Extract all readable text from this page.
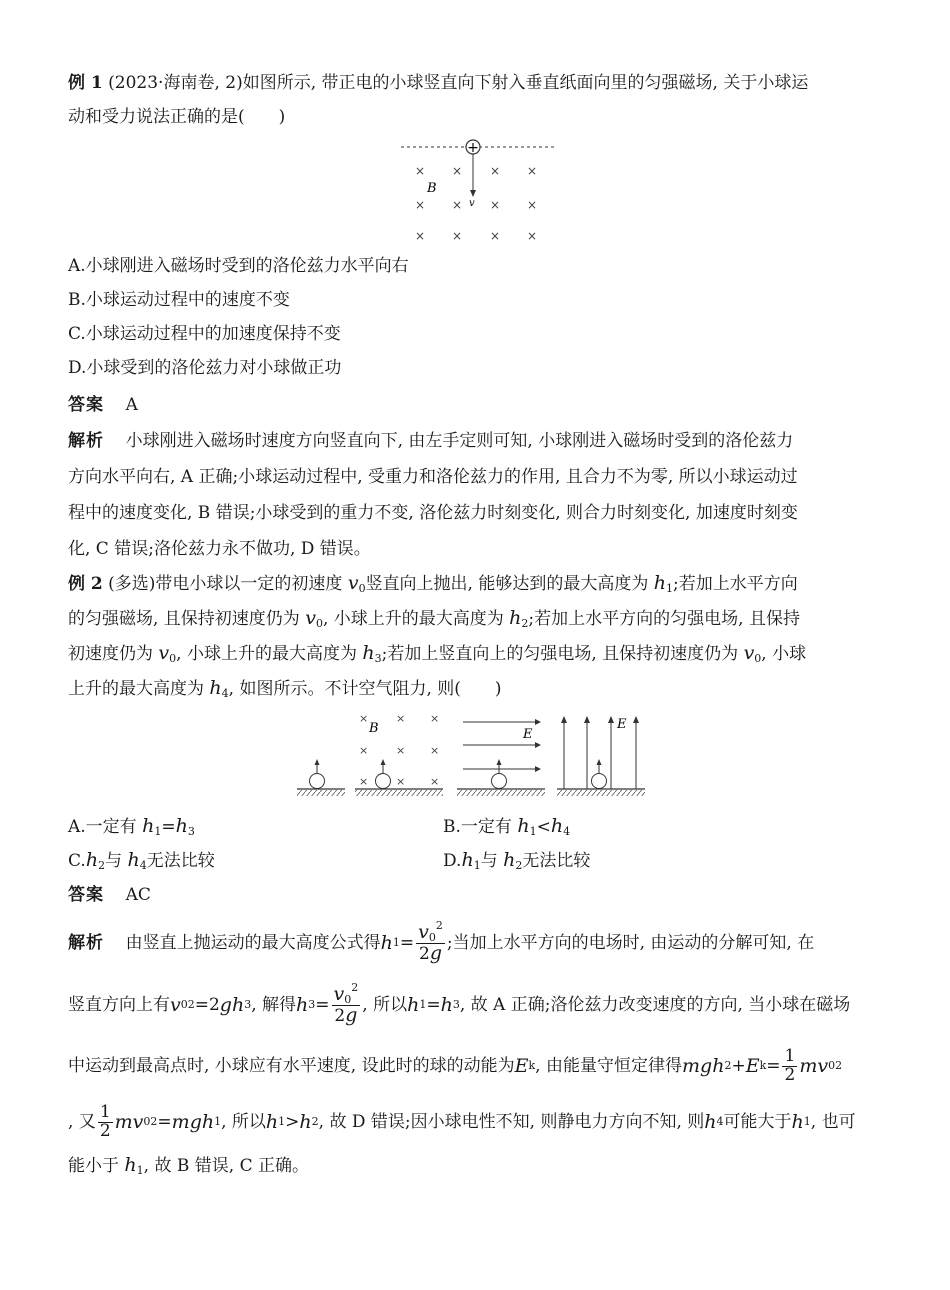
例 1 (2023·海南卷, 2)如图所示, 带正电的小球竖直向下射入垂直纸面向里的匀强磁场, 关于小球运

动和受力说法正确的是(　　)

+
× × × ×
× × × ×
× × × ×
B
v

A.小球刚进入磁场时受到的洛伦兹力水平向右

B.小球运动过程中的速度不变

C.小球运动过程中的加速度保持不变

D.小球受到的洛伦兹力对小球做正功

答案 A

解析 小球刚进入磁场时速度方向竖直向下, 由左手定则可知, 小球刚进入磁场时受到的洛伦兹力

方向水平向右, A 正确;小球运动过程中, 受重力和洛伦兹力的作用, 且合力不为零, 所以小球运动过

程中的速度变化, B 错误;小球受到的重力不变, 洛伦兹力时刻变化, 则合力时刻变化, 加速度时刻变

化, C 错误;洛伦兹力永不做功, D 错误。

例 2 (多选)带电小球以一定的初速度 $v_0$竖直向上抛出, 能够达到的最大高度为 $h_1$;若加上水平方向

的匀强磁场, 且保持初速度仍为 $v_0$, 小球上升的最大高度为 $h_2$;若加上水平方向的匀强电场, 且保持

初速度仍为 $v_0$, 小球上升的最大高度为 $h_3$;若加上竖直向上的匀强电场, 且保持初速度仍为 $v_0$, 小球

上升的最大高度为 $h_4$, 如图所示。不计空气阻力, 则(　　)

×	× ×
×	× ×
×	× ×
B	E
E
A.一定有 $h_1=h_3$	B.一定有 $h_1<h_4$
$C.h_2$与 $h_4$无法比较	$D.h_1$与 $h_2$无法比较

答案 AC

解析
由竖直上抛运动的最大高度公式得 h $1 = \frac{v_0^2}{2g}$ ;当加上水平方向的电场时, 由运动的分解可知, 在
竖直方向上有 v 0 2 =2 g h 3 , 解得 h $3 = \frac{v_0^2}{2g}$ , 所以 h 1 = h 3 , 故 A 正确;洛伦兹力改变速度的方向, 当小球在磁场
中运动到最高点时, 小球应有水平速度, 设此时的球的动能为 E k , 由能量守恒定律得 m g h 2 + E $k = \frac{1}{2}$ m v 0 2
, 又 $\frac{1}{2}$ m v 0 2 = m g h 1 , 所以 h 1 > h 2 , 故 D 错误;因小球电性不知, 则静电力方向不知, 则 h 4 可能大于 h 1 , 也可

能小于 $h_1$, 故 B 错误, C 正确。
